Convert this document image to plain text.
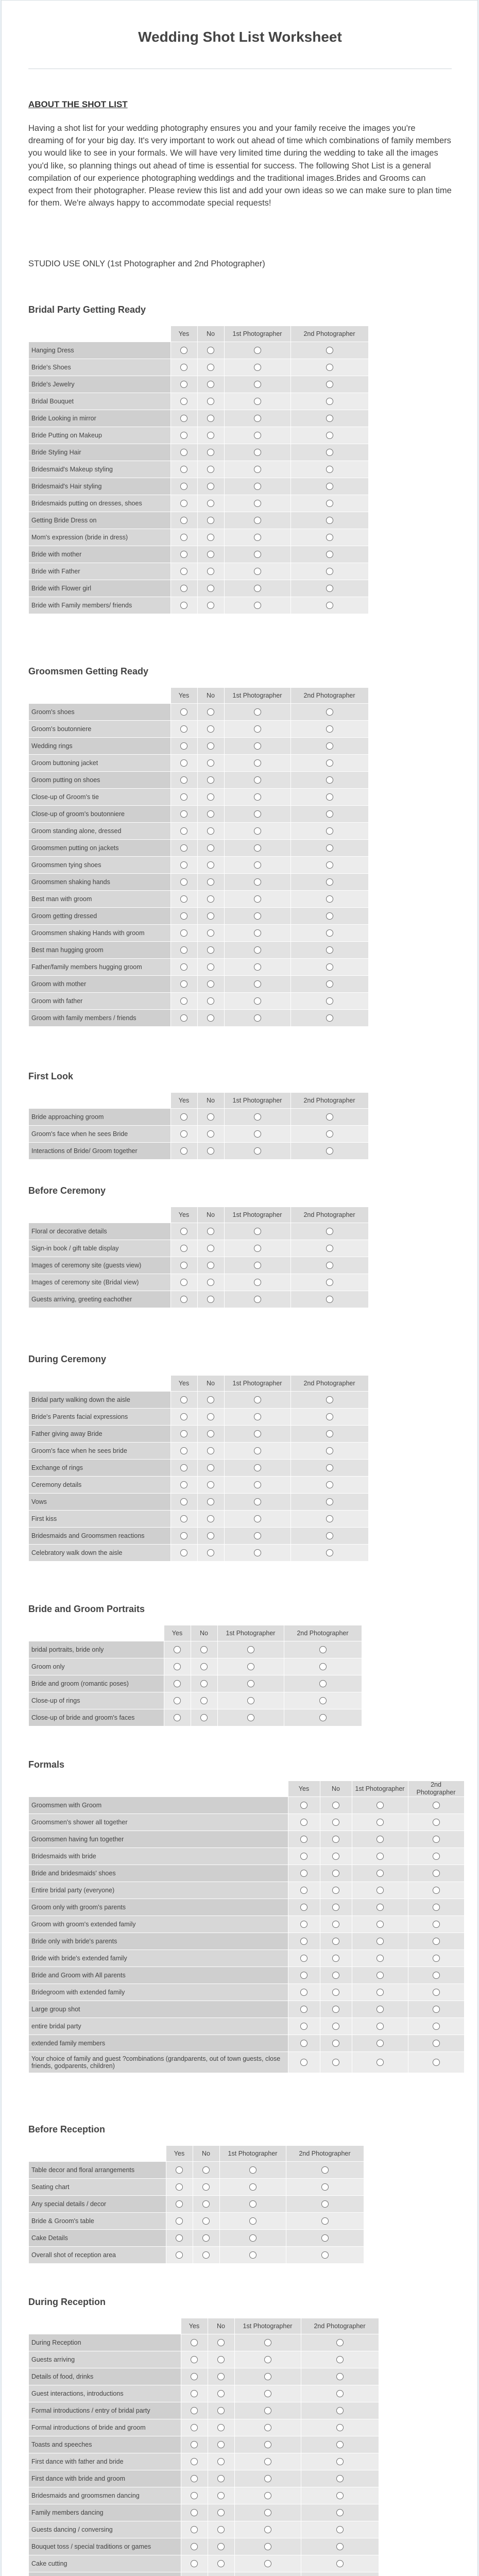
Wedding Shot List Worksheet
ABOUT THE SHOT LIST

Having a shot list for your wedding photography ensures you and your family receive the images you're dreaming of for your big day. It's very important to work out ahead of time which combinations of family members you would like to see in your formals. We will have very limited time during the wedding to take all the images you'd like, so planning things out ahead of time is essential for success. The following Shot List is a general compilation of our experience photographing weddings and the traditional images.Brides and Grooms can expect from their photographer. Please review this list and add your own ideas so we can make sure to plan time for them. We're always happy to accommodate special requests!

STUDIO USE ONLY (1st Photographer and 2nd Photographer)
Bridal Party Getting Ready
	Yes	No	1st Photographer	2nd Photographer
Hanging Dress				
Bride's Shoes				
Bride's Jewelry				
Bridal Bouquet				
Bride Looking in mirror				
Bride Putting on Makeup				
Bride Styling Hair				
Bridesmaid's Makeup styling				
Bridesmaid's Hair styling				
Bridesmaids putting on dresses, shoes				
Getting Bride Dress on				
Mom's expression (bride in dress)				
Bride with mother				
Bride with Father				
Bride with Flower girl				
Bride with Family members/ friends				
Groomsmen Getting Ready
	Yes	No	1st Photographer	2nd Photographer
Groom's shoes				
Groom's boutonniere				
Wedding rings				
Groom buttoning jacket				
Groom putting on shoes				
Close-up of Groom's tie				
Close-up of groom's boutonniere				
Groom standing alone, dressed				
Groomsmen putting on jackets				
Groomsmen tying shoes				
Groomsmen shaking hands				
Best man with groom				
Groom getting dressed				
Groomsmen shaking Hands with groom				
Best man hugging groom				
Father/family members hugging groom				
Groom with mother				
Groom with father				
Groom with family members / friends				
First Look
	Yes	No	1st Photographer	2nd Photographer
Bride approaching groom				
Groom's face when he sees Bride				
Interactions of Bride/ Groom together				
Before Ceremony
	Yes	No	1st Photographer	2nd Photographer
Floral or decorative details				
Sign-in book / gift table display				
Images of ceremony site (guests view)				
Images of ceremony site (Bridal view)				
Guests arriving, greeting eachother				
During Ceremony
	Yes	No	1st Photographer	2nd Photographer
Bridal party walking down the aisle				
Bride's Parents facial expressions				
Father giving away Bride				
Groom's face when he sees bride				
Exchange of rings				
Ceremony details				
Vows				
First kiss				
Bridesmaids and Groomsmen reactions				
Celebratory walk down the aisle				
Bride and Groom Portraits
	Yes	No	1st Photographer	2nd Photographer
bridal portraits, bride only				
Groom only				
Bride and groom (romantic poses)				
Close-up of rings				
Close-up of bride and groom's faces				
Formals
	Yes	No	1st Photographer	2nd Photographer
Groomsmen with Groom				
Groomsmen's shower all together				
Groomsmen having fun together				
Bridesmaids with bride				
Bride and bridesmaids' shoes				
Entire bridal party (everyone)				
Groom only with groom's parents				
Groom with groom's extended family				
Bride only with bride's parents				
Bride with bride's extended family				
Bride and Groom with All parents				
Bridegroom with extended family				
Large group shot				
entire bridal party				
extended family members				
Your choice of family and guest ?combinations (grandparents, out of town guests, close friends, godparents, children)				
Before Reception
	Yes	No	1st Photographer	2nd Photographer
Table decor and floral arrangements				
Seating chart				
Any special details / decor				
Bride & Groom's table				
Cake Details				
Overall shot of reception area				
During Reception
	Yes	No	1st Photographer	2nd Photographer
During Reception				
Guests arriving				
Details of food, drinks				
Guest interactions, introductions				
Formal introductions / entry of bridal party				
Formal introductions of bride and groom				
Toasts and speeches				
First dance with father and bride				
First dance with bride and groom				
Bridesmaids and groomsmen dancing				
Family members dancing				
Guests dancing / conversing				
Bouquet toss / special traditions or games				
Cake cutting				
